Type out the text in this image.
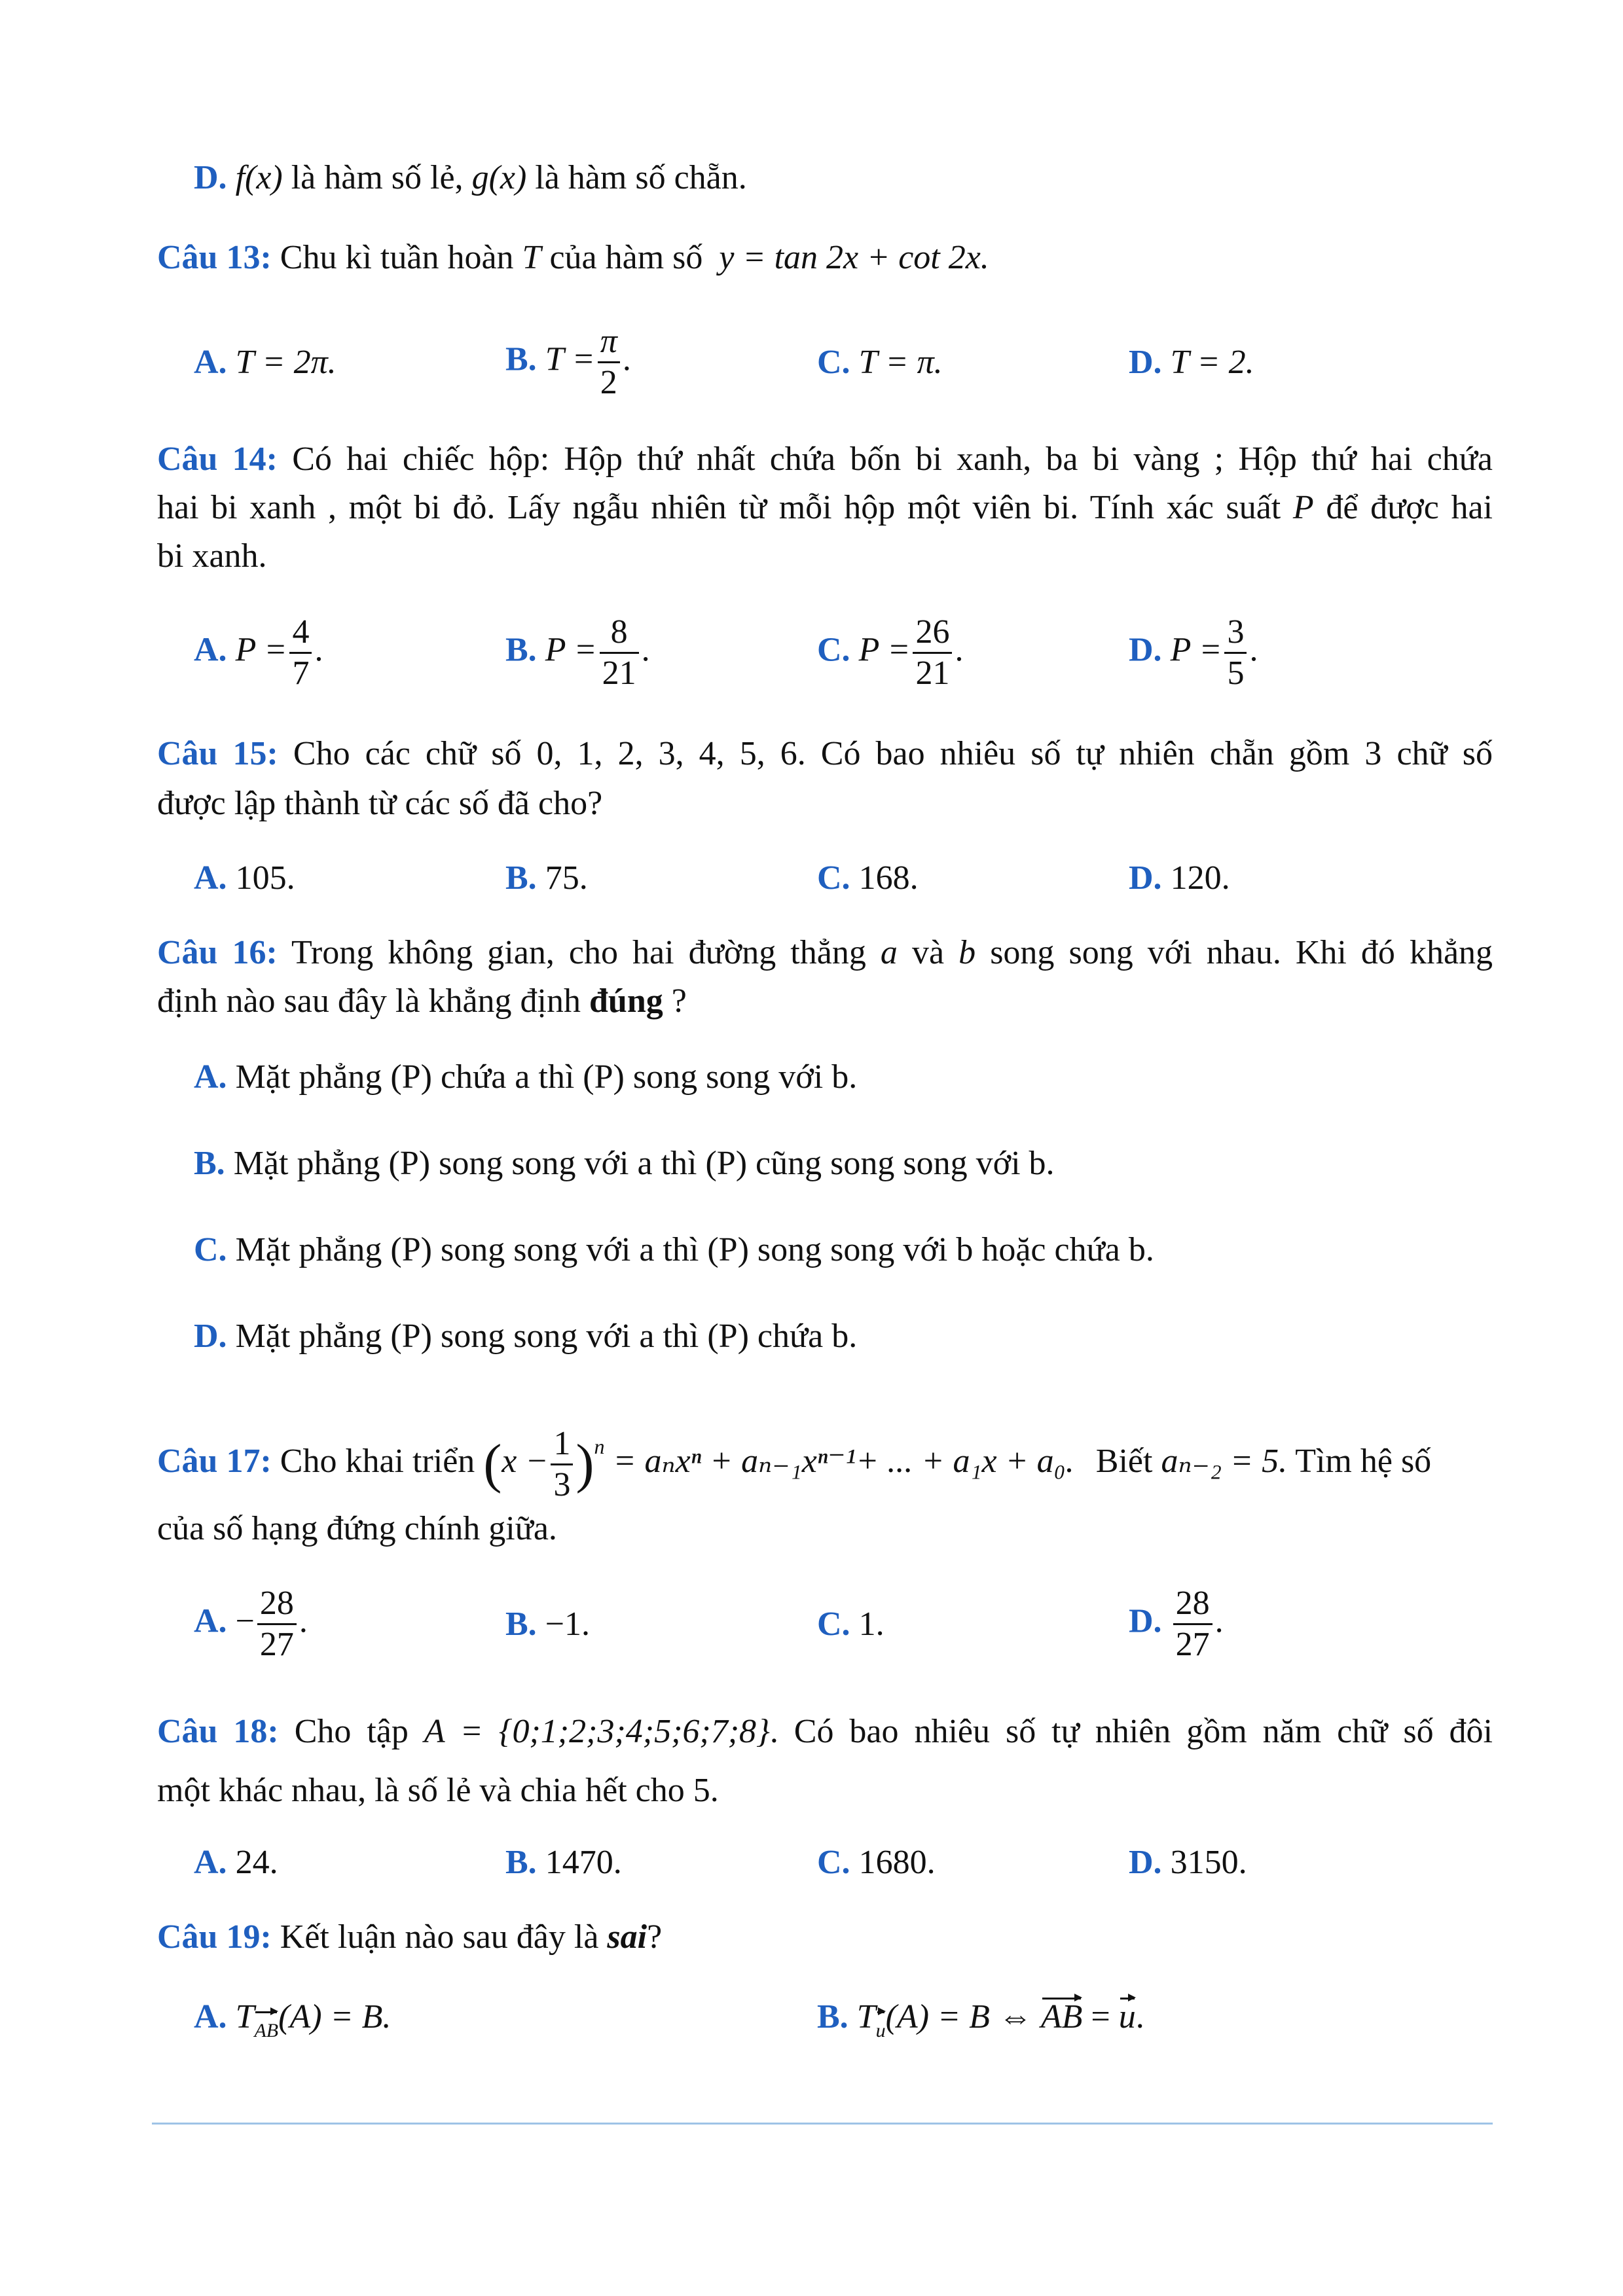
D. f(x) là hàm số lẻ, g(x) là hàm số chẵn.
Câu 13: Chu kì tuần hoàn T của hàm số y = tan 2x + cot 2x.
A. T = 2π.	B. $T = \frac{\pi}{2}$ .	C. T = π.	D. T = 2.
Câu 14: Có hai chiếc hộp: Hộp thứ nhất chứa bốn bi xanh, ba bi vàng ; Hộp thứ hai chứa
hai bi xanh , một bi đỏ. Lấy ngẫu nhiên từ mỗi hộp một viên bi. Tính xác suất P để được hai
bi xanh.
A. $P = \frac{4}{7}$ .	B. $P = \frac{8}{21}$ .	C. $P = \frac{26}{21}$ .	D. $P = \frac{3}{5}$ .
Câu 15: Cho các chữ số 0, 1, 2, 3, 4, 5, 6. Có bao nhiêu số tự nhiên chẵn gồm 3 chữ số
được lập thành từ các số đã cho?
A. 105.	B. 75.	C. 168.	D. 120.
Câu 16: Trong không gian, cho hai đường thẳng a và b song song với nhau. Khi đó khẳng
định nào sau đây là khẳng định đúng ?
A. Mặt phẳng (P) chứa a thì (P) song song với b.
B. Mặt phẳng (P) song song với a thì (P) cũng song song với b.
C. Mặt phẳng (P) song song với a thì (P) song song với b hoặc chứa b.
D. Mặt phẳng (P) song song với a thì (P) chứa b.
Câu 17: Cho khai triển $(x - \frac{1}{3} )^n = a_nx^n + a_{n-1}x^{n-1}+$ ... + a₁x + a₀. Biết aₙ₋₂ = 5. Tìm hệ số
của số hạng đứng chính giữa.
A. − $\frac{28}{27}$ .	B. −1.	C. 1.	D. $\frac{28}{27}$ .
Câu 18: Cho tập A = {0;1;2;3;4;5;6;7;8}. Có bao nhiêu số tự nhiên gồm năm chữ số đôi
một khác nhau, là số lẻ và chia hết cho 5.
A. 24.	B. 1470.	C. 1680.	D. 3150.
Câu 19: Kết luận nào sau đây là sai?
A. TAB(A) = B.	B. Tu(A) = B ⇔ AB = u.
